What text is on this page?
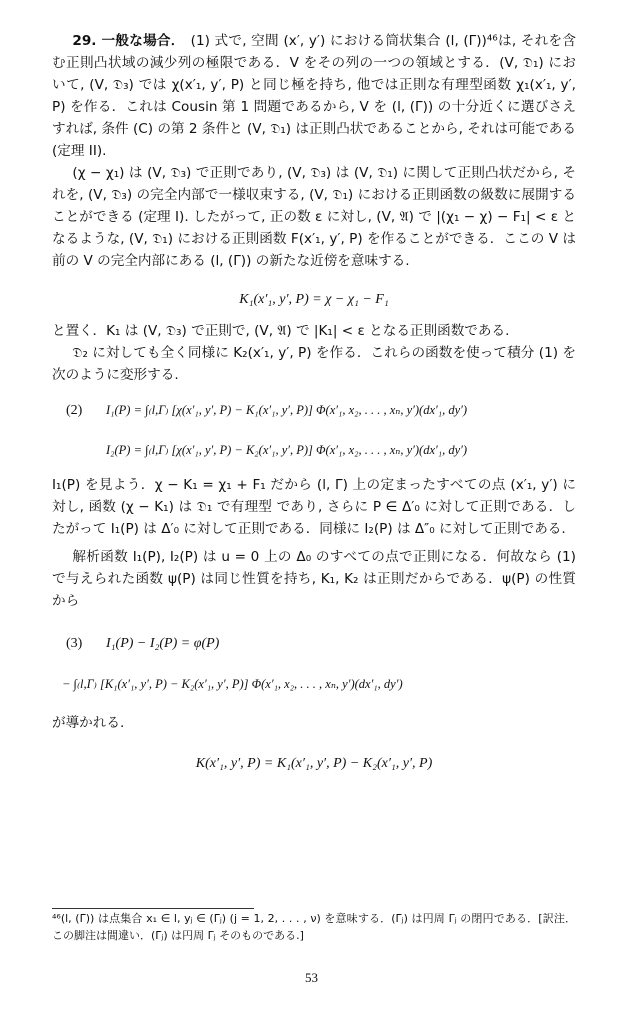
29. 一般な場合． (1) 式で, 空間 (x′, y′) における筒状集合 (l, (Γ̄))⁴⁶は, それを含む正則凸状域の減少列の極限である．V をその列の一つの領域とする．(V, 𝔇₁) において, (V, 𝔇₃) では χ(x′₁, y′, P) と同じ極を持ち, 他では正則な有理型函数 χ₁(x′₁, y′, P) を作る．これは Cousin 第 1 問題であるから, V を (l, (Γ̄)) の十分近くに選びさえすれば, 条件 (C) の第 2 条件と (V, 𝔇₁) は正則凸状であることから, それは可能である (定理 II).

(χ − χ₁) は (V, 𝔇₃) で正則であり, (V, 𝔇₃) は (V, 𝔇₁) に関して正則凸状だから, それを, (V, 𝔇₃) の完全内部で一様収束する, (V, 𝔇₁) における正則函数の級数に展開することができる (定理 I). したがって, 正の数 ε に対し, (V, 𝔄) で |(χ₁ − χ) − F₁| < ε となるような, (V, 𝔇₁) における正則函数 F(x′₁, y′, P) を作ることができる．ここの V は前の V の完全内部にある (l, (Γ̄)) の新たな近傍を意味する.

K₁(x′₁, y′, P) = χ − χ₁ − F₁

と置く．K₁ は (V, 𝔇₃) で正則で, (V, 𝔄) で |K₁| < ε となる正則函数である.

𝔇₂ に対しても全く同様に K₂(x′₁, y′, P) を作る．これらの函数を使って積分 (1) を次のように変形する.

(2) I₁(P) = ∫₍l,Γ₎ [χ(x′₁, y′, P) − K₁(x′₁, y′, P)] Φ(x′₁, x₂, . . . , xₙ, y′)(dx′₁, dy′)
I₂(P) = ∫₍l,Γ₎ [χ(x′₁, y′, P) − K₂(x′₁, y′, P)] Φ(x′₁, x₂, . . . , xₙ, y′)(dx′₁, dy′)

I₁(P) を見よう．χ − K₁ = χ₁ + F₁ だから (l, Γ) 上の定まったすべての点 (x′₁, y′) に対し, 函数 (χ − K₁) は 𝔇₁ で有理型 であり, さらに P ∈ Δ′₀ に対して正則である．したがって I₁(P) は Δ′₀ に対して正則である．同様に I₂(P) は Δ″₀ に対して正則である.

解析函数 I₁(P), I₂(P) は u = 0 上の Δ₀ のすべての点で正則になる．何故なら (1) で与えられた函数 ψ(P) は同じ性質を持ち, K₁, K₂ は正則だからである．ψ(P) の性質から

(3) I₁(P) − I₂(P) = φ(P)
− ∫₍l,Γ₎ [K₁(x′₁, y′, P) − K₂(x′₁, y′, P)] Φ(x′₁, x₂, . . . , xₙ, y′)(dx′₁, dy′)

が導かれる.

K(x′₁, y′, P) = K₁(x′₁, y′, P) − K₂(x′₁, y′, P)
⁴⁶(l, (Γ̄)) は点集合 x₁ ∈ l, yⱼ ∈ (Γ̄ⱼ) (j = 1, 2, . . . , ν) を意味する．(Γ̄ⱼ) は円周 Γⱼ の閉円である．[訳注．この脚注は間違い．(Γ̄ⱼ) は円周 Γⱼ そのものである.]
53
